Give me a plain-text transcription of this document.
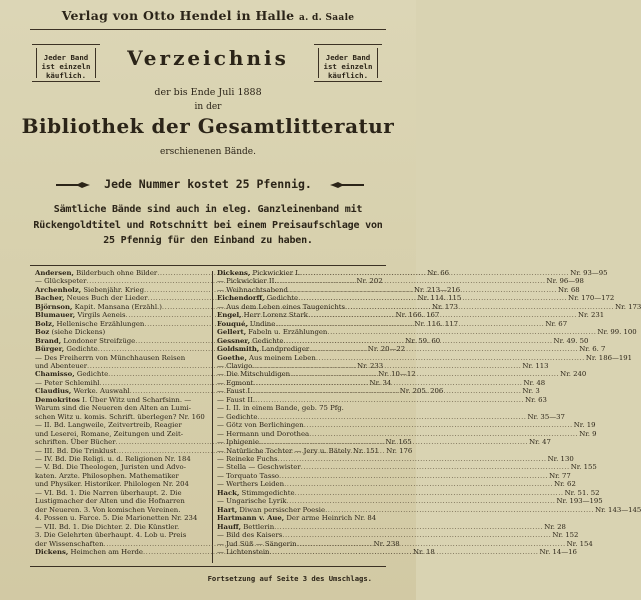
Verlag von Otto Hendel in Halle a. d. Saale
Jeder Band
ist einzeln
käuflich.
Jeder Band
ist einzeln
käuflich.
Verzeichnis
der bis Ende Juli 1888
in der
Bibliothek der Gesamtlitteratur
erschienenen Bände.
Jede Nummer kostet 25 Pfennig.
Sämtliche Bände sind auch in eleg. Ganzleinenband mit Rückengoldtitel und Rotschnitt bei einem Preisaufschlage von 25 Pfennig für den Einband zu haben.
Andersen, Bilderbuch ohne Bilder .....	Nr. 66
— Glückspeter .....	Nr. 202
Archenholz, Siebenjähr. Krieg .....	Nr. 213—216
Bacher, Neues Buch der Lieder .....	Nr. 114. 115
Björnson, Kapit. Mansana (Erzähl.) .....	Nr. 173
Blumauer, Virgils Aeneis .....	Nr. 166. 167
Bolz, Hellenische Erzählungen .....	Nr. 116. 117
Boz (siehe Dickens)
Brand, Londoner Streifzüge .....	Nr. 59. 60
Bürger, Gedichte .....	Nr. 20—22
— Des Freiherrn von Münchhausen Reisen
und Abenteuer .....	Nr. 233
Chamisso, Gedichte .....	Nr. 10—12
— Peter Schlemihl .....	Nr. 34
Claudius, Werke. Auswahl .....	Nr. 205. 206
Demokritos I. Über Witz und Scharfsinn. —
Warum sind die Neueren den Alten an Lumi-
schen Witz u. komis. Schrift. überlegen? Nr. 160
— II. Bd. Langweile, Zeitvertreib, Reagier
und Leserei, Romane, Zeitungen und Zeit-
schriften. Über Bücher .....	Nr. 165
— III. Bd. Die Trinklust .....	Nr. 176
— IV. Bd. Die Religi. u. d. Religionen Nr. 184
— V. Bd. Die Theologen, Juristen und Advo-
katen. Arzte. Philosophen. Mathematiker
und Physiker. Historiker. Philologen Nr. 204
— VI. Bd. 1. Die Narren überhaupt. 2. Die
Lustigmacher der Alten und die Hofnarren
der Neueren. 3. Von komischen Vereinen.
4. Possen u. Farce. 5. Die Marionetten Nr. 234
— VII. Bd. 1. Die Dichter. 2. Die Künstler.
3. Die Gelehrten überhaupt. 4. Lob u. Preis
der Wissenschaften .....	Nr. 238
Dickens, Heimchen am Herde .....	Nr. 18
Dickens, Pickwickier I. .....	Nr. 93—95
— Pickwickier II. .....	Nr. 96—98
— Weihnachtsabend .....	Nr. 68
Eichendorff, Gedichte .....	Nr. 170—172
— Aus dem Leben eines Taugenichts .....	Nr. 173
Engel, Herr Lorenz Stark .....	Nr. 231
Fouqué, Undine .....	Nr. 67
Gellert, Fabeln u. Erzählungen .....	Nr. 99. 100
Gessner, Gedichte .....	Nr. 49. 50
Goldsmith, Landprediger .....	Nr. 6. 7
Goethe, Aus meinem Leben .....	Nr. 186—191
— Clavigo .....	Nr. 113
— Die Mitschuldigen .....	Nr. 240
— Egmont .....	Nr. 48
— Faust I. .....	Nr. 3
— Faust II. .....	Nr. 63
— I. II. in einem Bande, geb. 75 Pfg.
— Gedichte .....	Nr. 35—37
— Götz von Berlichingen .....	Nr. 19
— Hermann und Dorothea .....	Nr. 9
— Iphigenie .....	Nr. 47
— Natürliche Tochter — Jery u. Bätely Nr. 151
— Reineke Fuchs .....	Nr. 130
— Stella — Geschwister .....	Nr. 155
— Torquato Tasso .....	Nr. 77
— Werthers Leiden .....	Nr. 62
Hack, Stimmgedichte .....	Nr. 51. 52
— Ungarische Lyrik .....	Nr. 193—195
Hart, Diwan persischer Poesie .....	Nr. 143—145
Hartmann v. Aue, Der arme Heinrich Nr. 84
Hauff, Bettlerin .....	Nr. 28
— Bild des Kaisers .....	Nr. 152
— Jud Süß — Sängerin .....	Nr. 154
— Lichtenstein .....	Nr. 14—16
Fortsetzung auf Seite 3 des Umschlags.
